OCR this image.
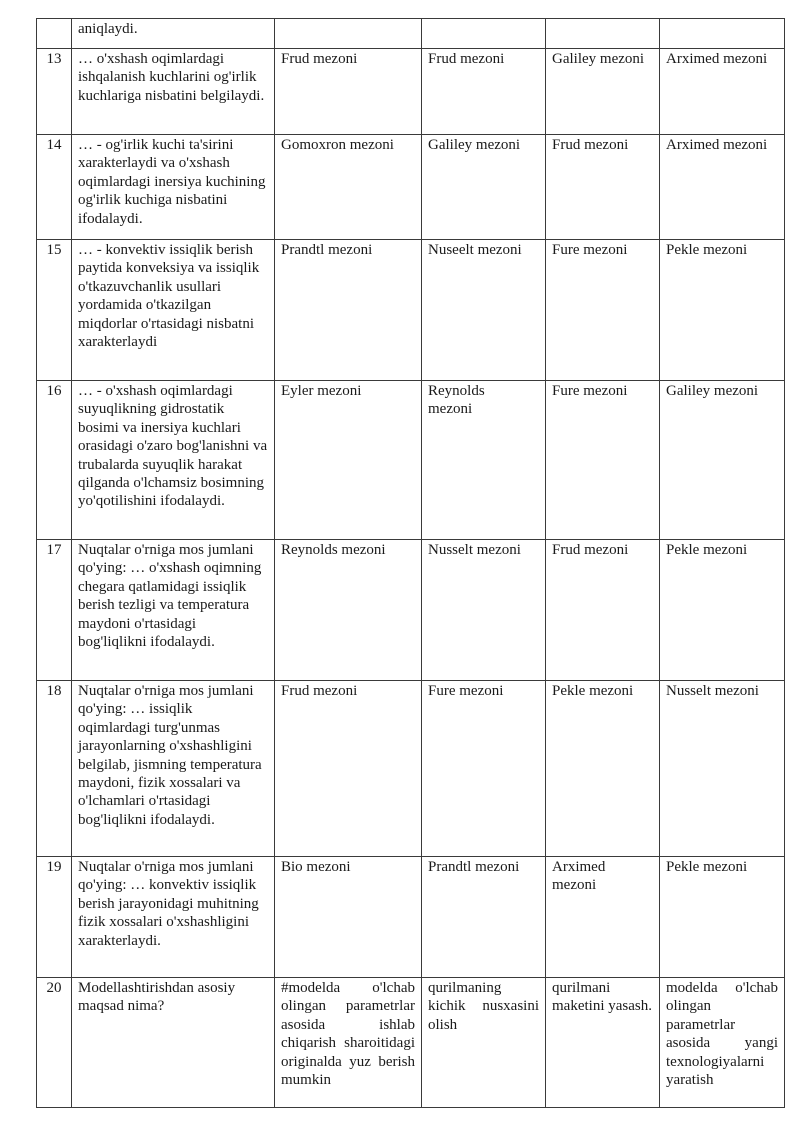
	aniqlaydi.				
13	… o'xshash oqimlardagi ishqalanish kuchlarini og'irlik kuchlariga nisbatini belgilaydi.	Frud mezoni	Frud mezoni	Galiley mezoni	Arximed mezoni
14	… - og'irlik kuchi ta'sirini xarakterlaydi va o'xshash oqimlardagi inersiya kuchining og'irlik kuchiga nisbatini ifodalaydi.	Gomoxron mezoni	Galiley mezoni	Frud mezoni	Arximed mezoni
15	… - konvektiv issiqlik berish paytida konveksiya va issiqlik o'tkazuvchanlik usullari yordamida o'tkazilgan miqdorlar o'rtasidagi nisbatni xarakterlaydi	Prandtl mezoni	Nuseelt mezoni	Fure mezoni	Pekle mezoni
16	… - o'xshash oqimlardagi suyuqlikning gidrostatik bosimi va inersiya kuchlari orasidagi o'zaro bog'lanishni va trubalarda suyuqlik harakat qilganda o'lchamsiz bosimning yo'qotilishini ifodalaydi.	Eyler mezoni	Reynolds mezoni	Fure mezoni	Galiley mezoni
17	Nuqtalar o'rniga mos jumlani qo'ying: … o'xshash oqimning chegara qatlamidagi issiqlik berish tezligi va temperatura maydoni o'rtasidagi bog'liqlikni ifodalaydi.	Reynolds mezoni	Nusselt mezoni	Frud mezoni	Pekle mezoni
18	Nuqtalar o'rniga mos jumlani qo'ying: … issiqlik oqimlardagi turg'unmas jarayonlarning o'xshashligini belgilab, jismning temperatura maydoni, fizik xossalari va o'lchamlari o'rtasidagi bog'liqlikni ifodalaydi.	Frud mezoni	Fure mezoni	Pekle mezoni	Nusselt mezoni
19	Nuqtalar o'rniga mos jumlani qo'ying: … konvektiv issiqlik berish jarayonidagi muhitning fizik xossalari o'xshashligini xarakterlaydi.	Bio mezoni	Prandtl mezoni	Arximed mezoni	Pekle mezoni
20	Modellashtirishdan asosiy maqsad nima?	#modelda o'lchab olingan parametrlar asosida ishlab chiqarish sharoitidagi originalda yuz berish mumkin	qurilmaning kichik nusxasini olish	qurilmani maketini yasash.	modelda o'lchab olingan parametrlar asosida yangi texnologiyalarni yaratish
